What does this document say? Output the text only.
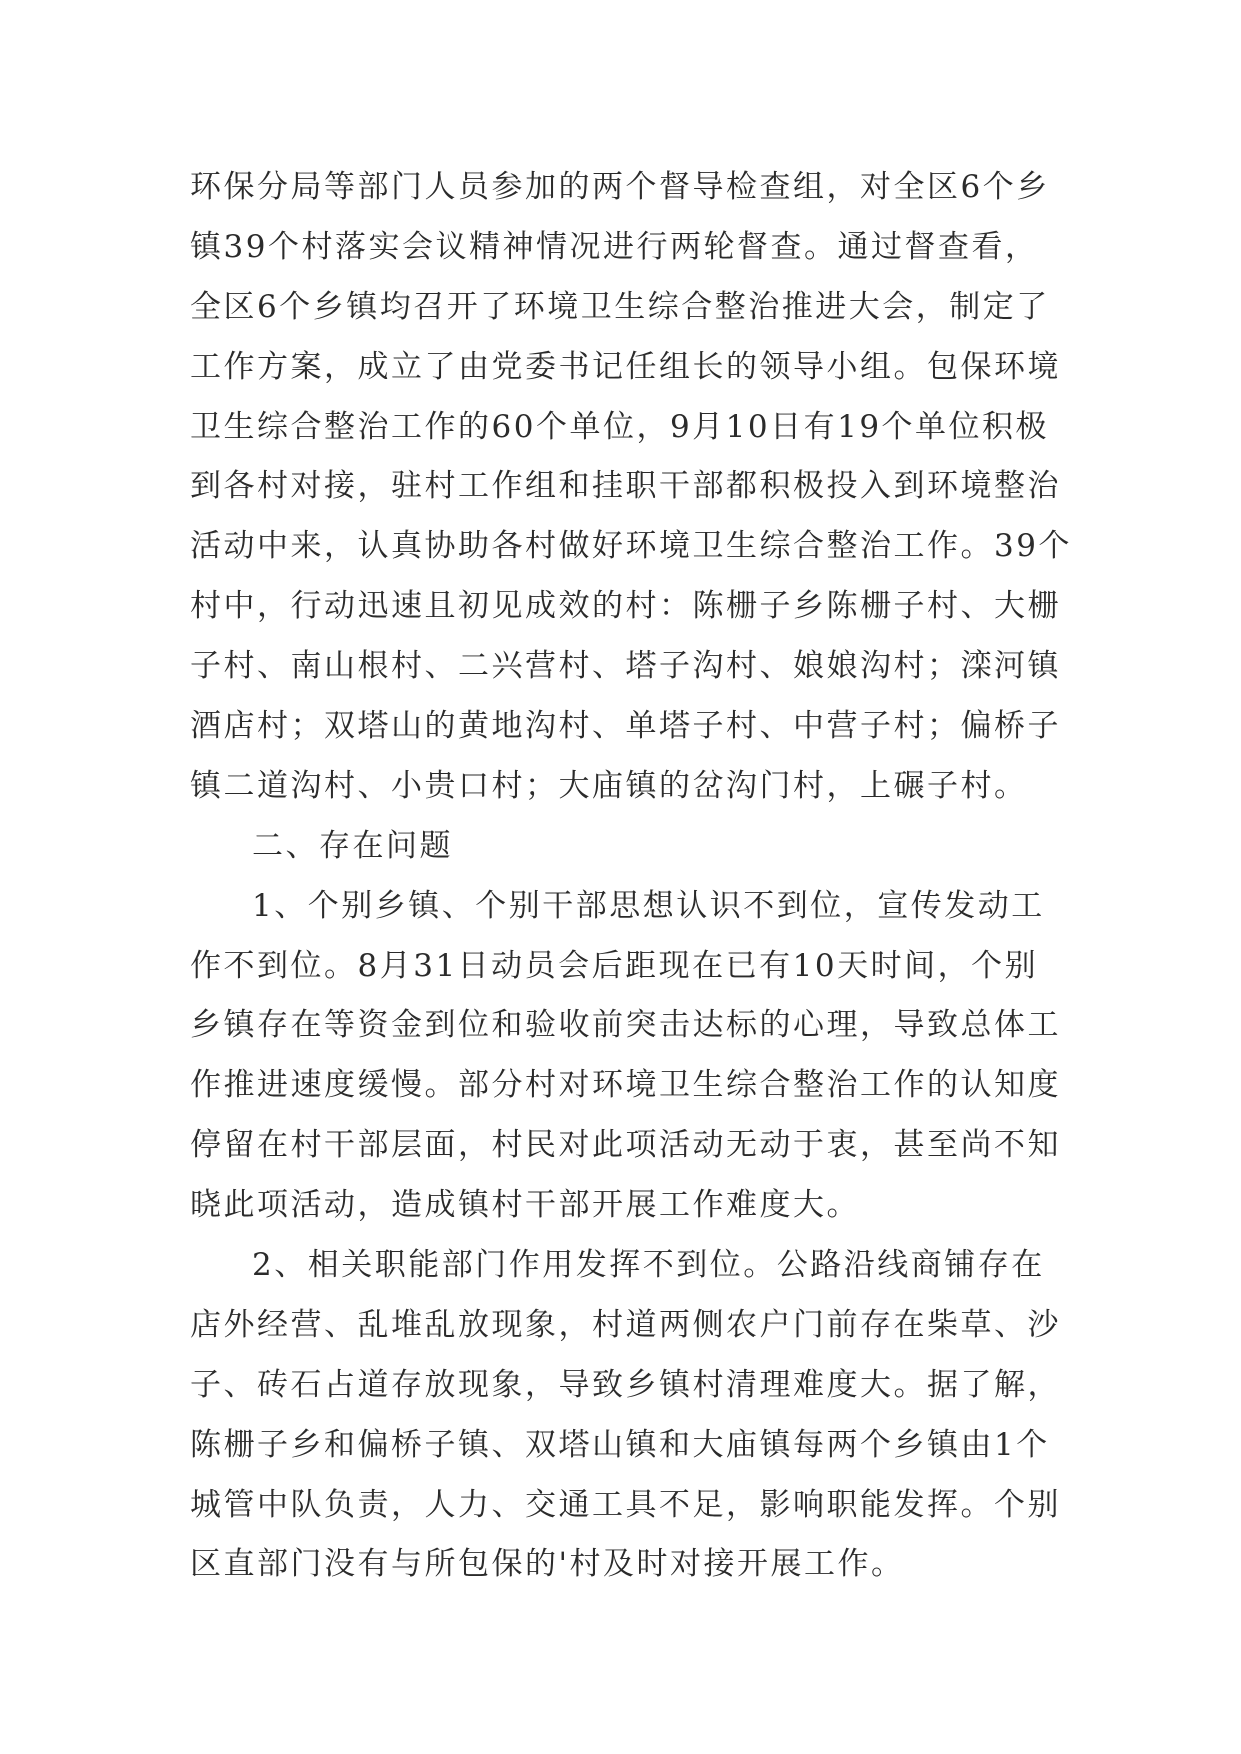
环保分局等部门人员参加的两个督导检查组，对全区6个乡
镇39个村落实会议精神情况进行两轮督查。通过督查看，
全区6个乡镇均召开了环境卫生综合整治推进大会，制定了
工作方案，成立了由党委书记任组长的领导小组。包保环境
卫生综合整治工作的60个单位，9月10日有19个单位积极
到各村对接，驻村工作组和挂职干部都积极投入到环境整治
活动中来，认真协助各村做好环境卫生综合整治工作。39个
村中，行动迅速且初见成效的村：陈栅子乡陈栅子村、大栅
子村、南山根村、二兴营村、塔子沟村、娘娘沟村；滦河镇
酒店村；双塔山的黄地沟村、单塔子村、中营子村；偏桥子
镇二道沟村、小贵口村；大庙镇的岔沟门村，上碾子村。
二、存在问题
1、个别乡镇、个别干部思想认识不到位，宣传发动工
作不到位。8月31日动员会后距现在已有10天时间，个别
乡镇存在等资金到位和验收前突击达标的心理，导致总体工
作推进速度缓慢。部分村对环境卫生综合整治工作的认知度
停留在村干部层面，村民对此项活动无动于衷，甚至尚不知
晓此项活动，造成镇村干部开展工作难度大。
2、相关职能部门作用发挥不到位。公路沿线商铺存在
店外经营、乱堆乱放现象，村道两侧农户门前存在柴草、沙
子、砖石占道存放现象，导致乡镇村清理难度大。据了解，
陈栅子乡和偏桥子镇、双塔山镇和大庙镇每两个乡镇由1个
城管中队负责，人力、交通工具不足，影响职能发挥。个别
区直部门没有与所包保的'村及时对接开展工作。
